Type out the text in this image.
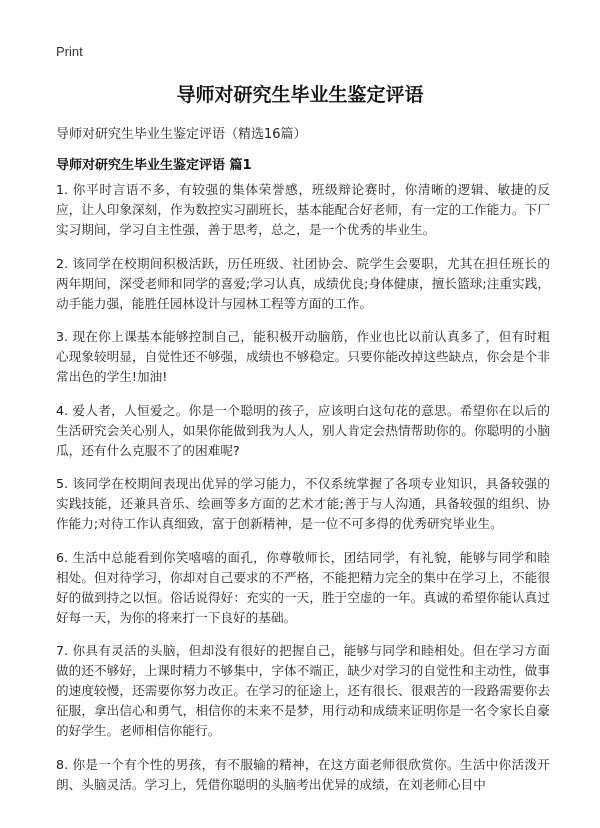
Print
导师对研究生毕业生鉴定评语

导师对研究生毕业生鉴定评语（精选16篇）

导师对研究生毕业生鉴定评语 篇1

1. 你平时言语不多，有较强的集体荣誉感，班级辩论赛时，你清晰的逻辑、敏捷的反应，让人印象深刻，作为数控实习副班长，基本能配合好老师，有一定的工作能力。下厂实习期间，学习自主性强，善于思考，总之，是一个优秀的毕业生。

2. 该同学在校期间积极活跃，历任班级、社团协会、院学生会要职，尤其在担任班长的两年期间，深受老师和同学的喜爱;学习认真，成绩优良;身体健康，擅长篮球;注重实践，动手能力强，能胜任园林设计与园林工程等方面的工作。

3. 现在你上课基本能够控制自己，能积极开动脑筋，作业也比以前认真多了，但有时粗心现象较明显，自觉性还不够强，成绩也不够稳定。只要你能改掉这些缺点，你会是个非常出色的学生!加油!

4. 爱人者，人恒爱之。你是一个聪明的孩子，应该明白这句花的意思。希望你在以后的生活研究会关心别人，如果你能做到我为人人，别人肯定会热情帮助你的。你聪明的小脑瓜，还有什么克服不了的困难呢?

5. 该同学在校期间表现出优异的学习能力，不仅系统掌握了各项专业知识，具备较强的实践技能，还兼具音乐、绘画等多方面的艺术才能;善于与人沟通，具备较强的组织、协作能力;对待工作认真细致，富于创新精神，是一位不可多得的优秀研究毕业生。

6. 生活中总能看到你笑嘻嘻的面孔，你尊敬师长，团结同学，有礼貌，能够与同学和睦相处。但对待学习，你却对自己要求的不严格，不能把精力完全的集中在学习上，不能很好的做到持之以恒。俗话说得好：充实的一天，胜于空虚的一年。真诚的希望你能认真过好每一天，为你的将来打一下良好的基础。

7. 你具有灵活的头脑，但却没有很好的把握自己，能够与同学和睦相处。但在学习方面做的还不够好，上课时精力不够集中，字体不端正，缺少对学习的自觉性和主动性，做事的速度较慢，还需要你努力改正。在学习的征途上，还有很长、很艰苦的一段路需要你去征服，拿出信心和勇气，相信你的未来不是梦，用行动和成绩来证明你是一名令家长自豪的好学生。老师相信你能行。

8. 你是一个有个性的男孩，有不服输的精神，在这方面老师很欣赏你。生活中你活泼开朗、头脑灵活。学习上，凭借你聪明的头脑考出优异的成绩，在刘老师心目中
